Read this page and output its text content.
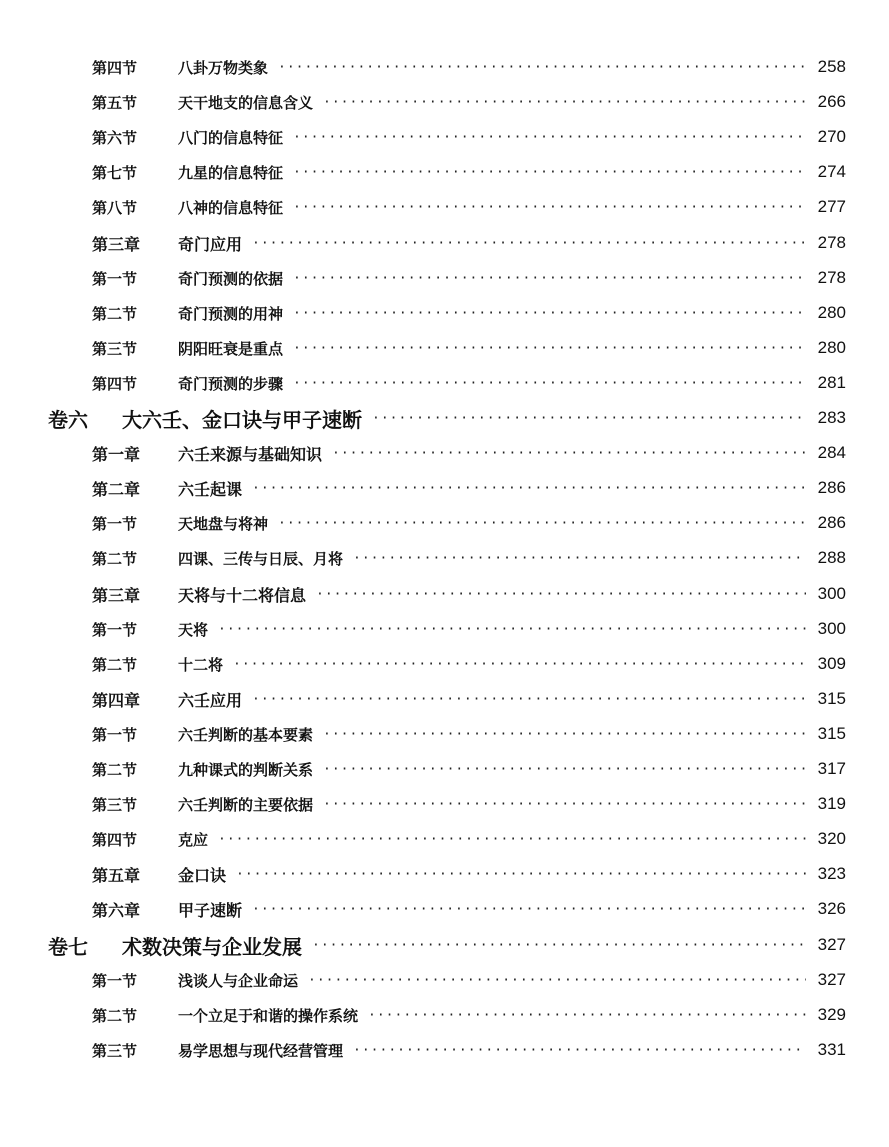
第四节	八卦万物类象 ·····	258
第五节	天干地支的信息含义 ·····	266
第六节	八门的信息特征 ·····	270
第七节	九星的信息特征 ·····	274
第八节	八神的信息特征 ·····	277
第三章	奇门应用 ·····	278
第一节	奇门预测的依据 ·····	278
第二节	奇门预测的用神 ·····	280
第三节	阴阳旺衰是重点 ·····	280
第四节	奇门预测的步骤 ·····	281
卷六	大六壬、金口诀与甲子速断 ·····	283
第一章	六壬来源与基础知识 ·····	284
第二章	六壬起课 ·····	286
第一节	天地盘与将神 ·····	286
第二节	四课、三传与日辰、月将 ·····	288
第三章	天将与十二将信息 ·····	300
第一节	天将 ·····	300
第二节	十二将 ·····	309
第四章	六壬应用 ·····	315
第一节	六壬判断的基本要素 ·····	315
第二节	九种课式的判断关系 ·····	317
第三节	六壬判断的主要依据 ·····	319
第四节	克应 ·····	320
第五章	金口诀 ·····	323
第六章	甲子速断 ·····	326
卷七	术数决策与企业发展 ·····	327
第一节	浅谈人与企业命运 ·····	327
第二节	一个立足于和谐的操作系统 ·····	329
第三节	易学思想与现代经营管理 ·····	331
